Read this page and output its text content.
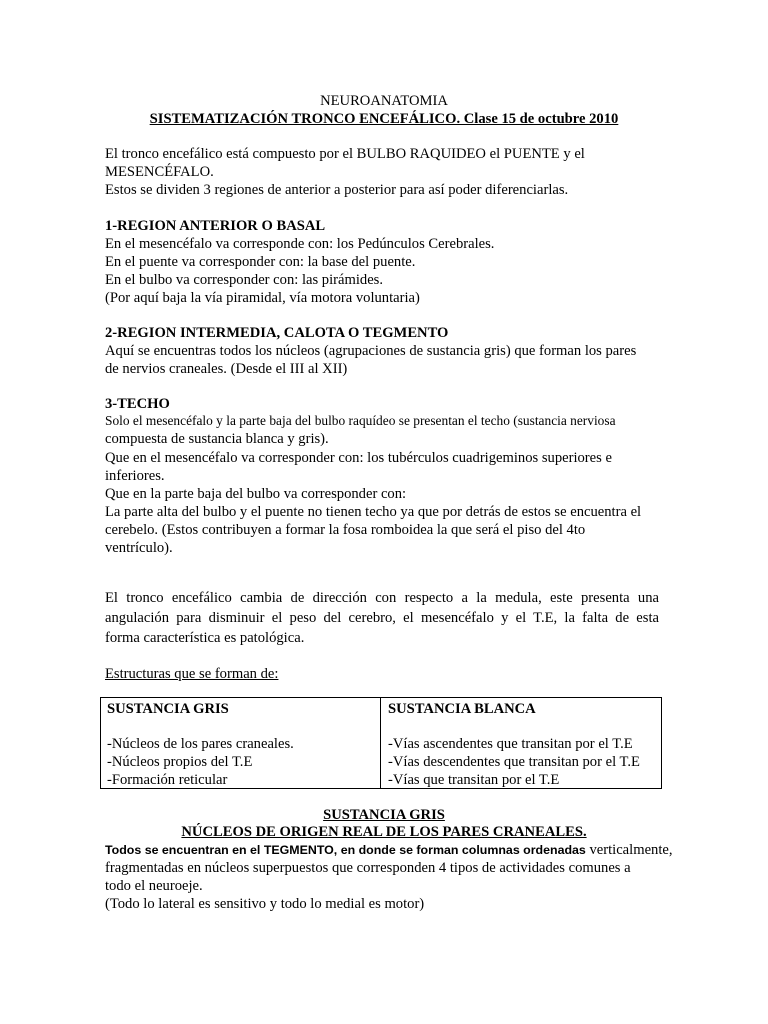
NEUROANATOMIA
SISTEMATIZACIÓN TRONCO ENCEFÁLICO. Clase 15 de octubre 2010
El tronco encefálico está compuesto por el BULBO RAQUIDEO el PUENTE y el
MESENCÉFALO.
Estos se dividen 3 regiones de anterior a posterior para así poder diferenciarlas.
1-REGION ANTERIOR O BASAL
En el mesencéfalo va corresponde con: los Pedúnculos Cerebrales.
En el puente va corresponder con: la base del puente.
En el bulbo va corresponder con: las pirámides.
(Por aquí baja la vía piramidal, vía motora voluntaria)
2-REGION INTERMEDIA, CALOTA O TEGMENTO
Aquí se encuentras todos los núcleos (agrupaciones de sustancia gris) que forman los pares
de nervios craneales. (Desde el III al XII)
3-TECHO
Solo el mesencéfalo y la parte baja del bulbo raquídeo se presentan el techo (sustancia nerviosa
compuesta de sustancia blanca y gris).
Que en el mesencéfalo va corresponder con: los tubérculos cuadrigeminos superiores e
inferiores.
Que en la parte baja del bulbo va corresponder con:
La parte alta del bulbo y el puente no tienen techo ya que por detrás de estos se encuentra el
cerebelo. (Estos contribuyen a formar la fosa romboidea la que será el piso del 4to
ventrículo).
El tronco encefálico cambia de dirección con respecto a la medula, este presenta una
angulación para disminuir el peso del cerebro, el mesencéfalo y el T.E, la falta de esta
forma característica es patológica.
Estructuras que se forman de:
SUSTANCIA GRIS	SUSTANCIA BLANCA
-Núcleos de los pares craneales.
-Núcleos propios del T.E
-Formación reticular
-Vías ascendentes que transitan por el T.E
-Vías descendentes que transitan por el T.E
-Vías que transitan por el T.E
SUSTANCIA GRIS
NÚCLEOS DE ORIGEN REAL DE LOS PARES CRANEALES.
Todos se encuentran en el TEGMENTO, en donde se forman columnas ordenadas verticalmente,
fragmentadas en núcleos superpuestos que corresponden 4 tipos de actividades comunes a
todo el neuroeje.
(Todo lo lateral es sensitivo y todo lo medial es motor)
